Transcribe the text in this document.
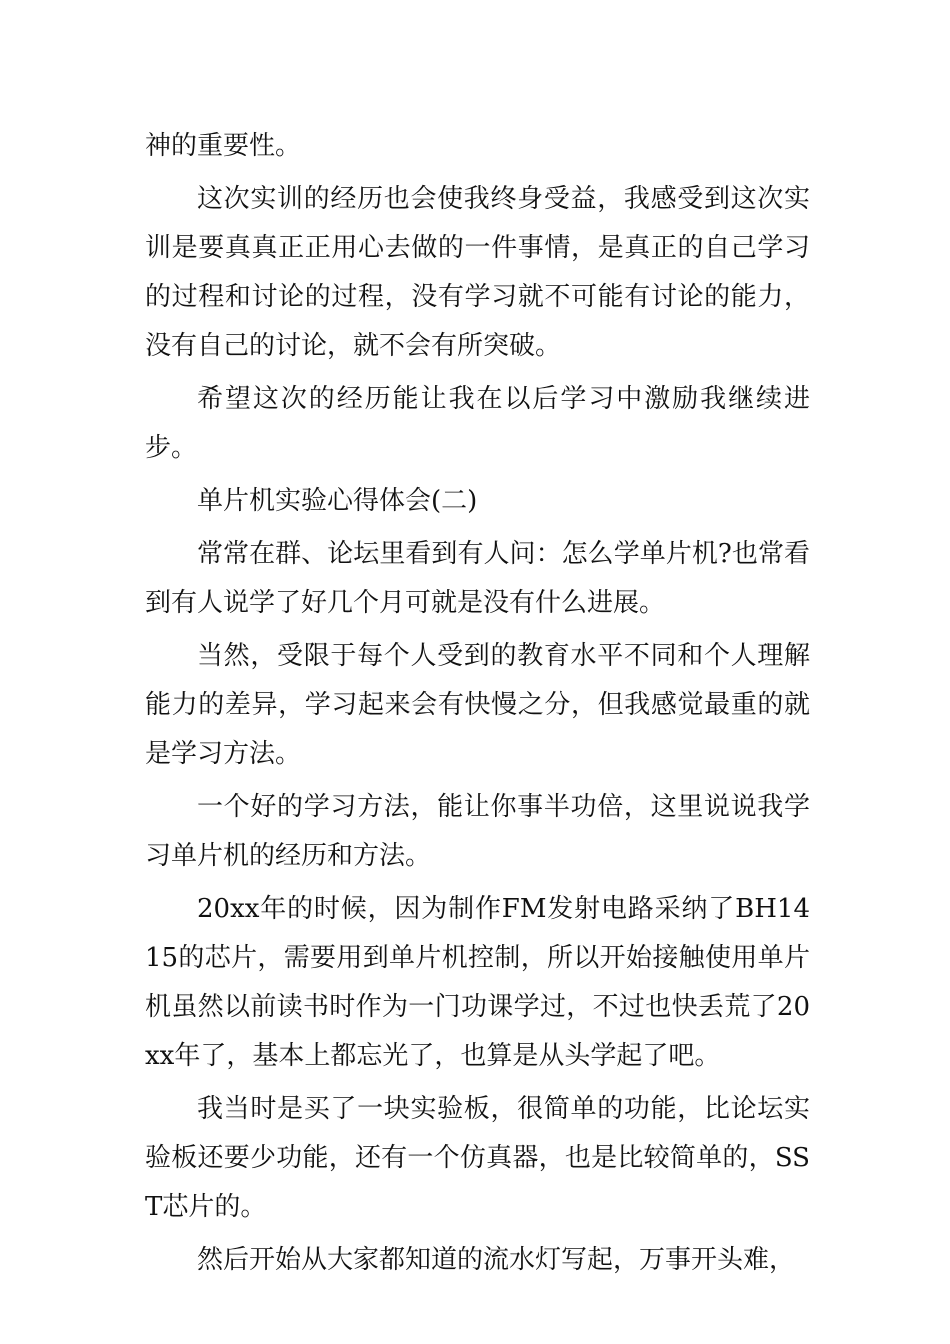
神的重要性。

这次实训的经历也会使我终身受益，我感受到这次实训是要真真正正用心去做的一件事情，是真正的自己学习的过程和讨论的过程，没有学习就不可能有讨论的能力，没有自己的讨论，就不会有所突破。

希望这次的经历能让我在以后学习中激励我继续进步。

单片机实验心得体会(二)

常常在群、论坛里看到有人问：怎么学单片机?也常看到有人说学了好几个月可就是没有什么进展。

当然，受限于每个人受到的教育水平不同和个人理解能力的差异，学习起来会有快慢之分，但我感觉最重的就是学习方法。

一个好的学习方法，能让你事半功倍，这里说说我学习单片机的经历和方法。

20xx年的时候，因为制作FM发射电路采纳了BH1415的芯片，需要用到单片机控制，所以开始接触使用单片机虽然以前读书时作为一门功课学过，不过也快丢荒了20xx年了，基本上都忘光了，也算是从头学起了吧。

我当时是买了一块实验板，很简单的功能，比论坛实验板还要少功能，还有一个仿真器，也是比较简单的，SST芯片的。

然后开始从大家都知道的流水灯写起，万事开头难，
